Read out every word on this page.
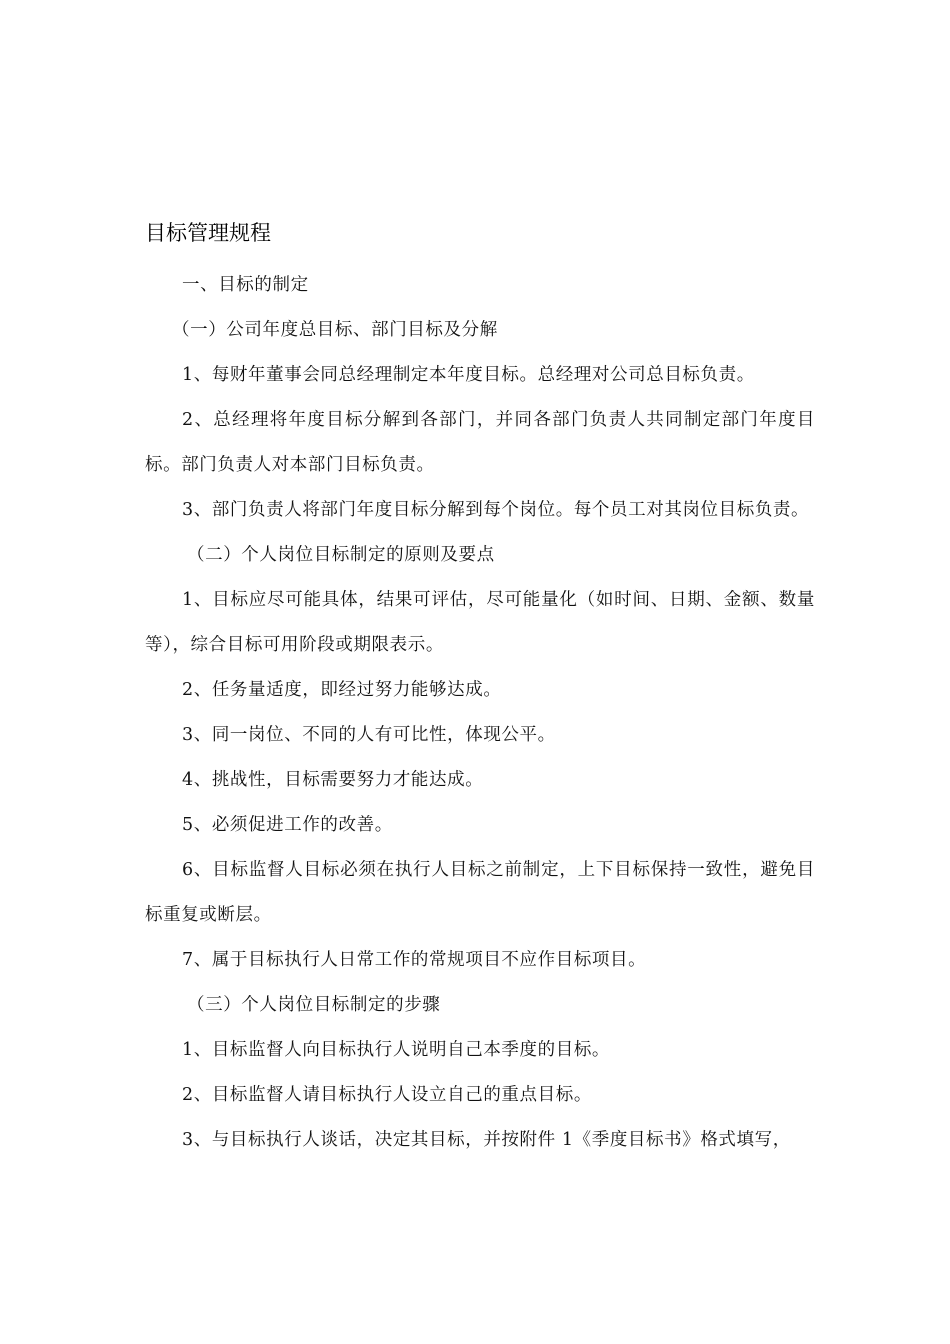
目标管理规程

一、目标的制定

（一）公司年度总目标、部门目标及分解

1、每财年董事会同总经理制定本年度目标。总经理对公司总目标负责。

2、总经理将年度目标分解到各部门，并同各部门负责人共同制定部门年度目标。部门负责人对本部门目标负责。

3、部门负责人将部门年度目标分解到每个岗位。每个员工对其岗位目标负责。

（二）个人岗位目标制定的原则及要点

1、目标应尽可能具体，结果可评估，尽可能量化（如时间、日期、金额、数量等），综合目标可用阶段或期限表示。

2、任务量适度，即经过努力能够达成。

3、同一岗位、不同的人有可比性，体现公平。

4、挑战性，目标需要努力才能达成。

5、必须促进工作的改善。

6、目标监督人目标必须在执行人目标之前制定，上下目标保持一致性，避免目标重复或断层。

7、属于目标执行人日常工作的常规项目不应作目标项目。

（三）个人岗位目标制定的步骤

1、目标监督人向目标执行人说明自己本季度的目标。

2、目标监督人请目标执行人设立自己的重点目标。

3、与目标执行人谈话，决定其目标，并按附件 1《季度目标书》格式填写，
